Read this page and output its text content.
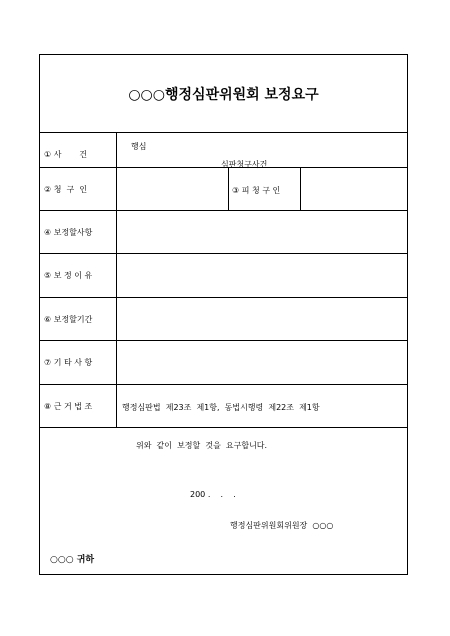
○○○행정심판위원회 보정요구
① 사       건
행심
심판청구사건
② 청  구  인	③ 피 청 구 인
④ 보정할사항
⑤ 보 정 이 유
⑥ 보정할기간
⑦ 기 타 사 항
⑧ 근 거 법 조	행정심판법  제23조  제1항,  동법시행령  제22조  제1항
위와  같이  보정할  것을  요구합니다.
200 .    .    .
행정심판위원회위원장  ○○○
○○○ 귀하
